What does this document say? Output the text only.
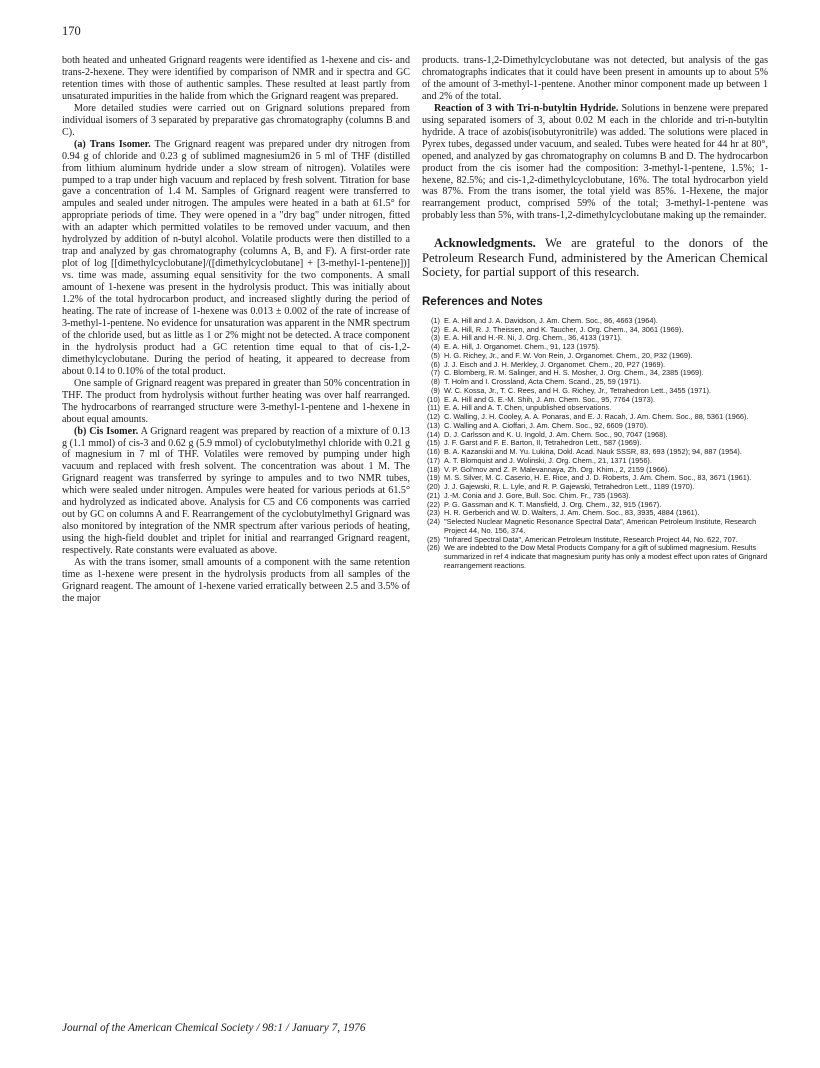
170

both heated and unheated Grignard reagents were identified as 1-hexene and cis- and trans-2-hexene. They were identified by comparison of NMR and ir spectra and GC retention times with those of authentic samples. These resulted at least partly from unsaturated impurities in the halide from which the Grignard reagent was prepared.

More detailed studies were carried out on Grignard solutions prepared from individual isomers of 3 separated by preparative gas chromatography (columns B and C).

(a) Trans Isomer. The Grignard reagent was prepared under dry nitrogen from 0.94 g of chloride and 0.23 g of sublimed magnesium26 in 5 ml of THF (distilled from lithium aluminum hydride under a slow stream of nitrogen). Volatiles were pumped to a trap under high vacuum and replaced by fresh solvent. Titration for base gave a concentration of 1.4 M. Samples of Grignard reagent were transferred to ampules and sealed under nitrogen. The ampules were heated in a bath at 61.5° for appropriate periods of time. They were opened in a "dry bag" under nitrogen, fitted with an adapter which permitted volatiles to be removed under vacuum, and then hydrolyzed by addition of n-butyl alcohol. Volatile products were then distilled to a trap and analyzed by gas chromatography (columns A, B, and F). A first-order rate plot of log [[dimethylcyclobutane]/([dimethylcyclobutane] + [3-methyl-1-pentene])] vs. time was made, assuming equal sensitivity for the two components. A small amount of 1-hexene was present in the hydrolysis product. This was initially about 1.2% of the total hydrocarbon product, and increased slightly during the period of heating. The rate of increase of 1-hexene was 0.013 ± 0.002 of the rate of increase of 3-methyl-1-pentene. No evidence for unsaturation was apparent in the NMR spectrum of the chloride used, but as little as 1 or 2% might not be detected. A trace component in the hydrolysis product had a GC retention time equal to that of cis-1,2-dimethylcyclobutane. During the period of heating, it appeared to decrease from about 0.14 to 0.10% of the total product.

One sample of Grignard reagent was prepared in greater than 50% concentration in THF. The product from hydrolysis without further heating was over half rearranged. The hydrocarbons of rearranged structure were 3-methyl-1-pentene and 1-hexene in about equal amounts.

(b) Cis Isomer. A Grignard reagent was prepared by reaction of a mixture of 0.13 g (1.1 mmol) of cis-3 and 0.62 g (5.9 mmol) of cyclobutylmethyl chloride with 0.21 g of magnesium in 7 ml of THF. Volatiles were removed by pumping under high vacuum and replaced with fresh solvent. The concentration was about 1 M. The Grignard reagent was transferred by syringe to ampules and to two NMR tubes, which were sealed under nitrogen. Ampules were heated for various periods at 61.5° and hydrolyzed as indicated above. Analysis for C5 and C6 components was carried out by GC on columns A and F. Rearrangement of the cyclobutylmethyl Grignard was also monitored by integration of the NMR spectrum after various periods of heating, using the high-field doublet and triplet for initial and rearranged Grignard reagent, respectively. Rate constants were evaluated as above.

As with the trans isomer, small amounts of a component with the same retention time as 1-hexene were present in the hydrolysis products from all samples of the Grignard reagent. The amount of 1-hexene varied erratically between 2.5 and 3.5% of the major

products. trans-1,2-Dimethylcyclobutane was not detected, but analysis of the gas chromatographs indicates that it could have been present in amounts up to about 5% of the amount of 3-methyl-1-pentene. Another minor component made up between 1 and 2% of the total.

Reaction of 3 with Tri-n-butyltin Hydride. Solutions in benzene were prepared using separated isomers of 3, about 0.02 M each in the chloride and tri-n-butyltin hydride. A trace of azobis(isobutyronitrile) was added. The solutions were placed in Pyrex tubes, degassed under vacuum, and sealed. Tubes were heated for 44 hr at 80°, opened, and analyzed by gas chromatography on columns B and D. The hydrocarbon product from the cis isomer had the composition: 3-methyl-1-pentene, 1.5%; 1-hexene, 82.5%; and cis-1,2-dimethylcyclobutane, 16%. The total hydrocarbon yield was 87%. From the trans isomer, the total yield was 85%. 1-Hexene, the major rearrangement product, comprised 59% of the total; 3-methyl-1-pentene was probably less than 5%, with trans-1,2-dimethylcyclobutane making up the remainder.

Acknowledgments. We are grateful to the donors of the Petroleum Research Fund, administered by the American Chemical Society, for partial support of this research.

References and Notes
(1) E. A. Hill and J. A. Davidson, J. Am. Chem. Soc., 86, 4663 (1964).
(2) E. A. Hill, R. J. Theissen, and K. Taucher, J. Org. Chem., 34, 3061 (1969).
(3) E. A. Hill and H.-R. Ni, J. Org. Chem., 36, 4133 (1971).
(4) E. A. Hill, J. Organomet. Chem., 91, 123 (1975).
(5) H. G. Richey, Jr., and F. W. Von Rein, J. Organomet. Chem., 20, P32 (1969).
(6) J. J. Eisch and J. H. Merkley, J. Organomet. Chem., 20, P27 (1969).
(7) C. Blomberg, R. M. Salinger, and H. S. Mosher, J. Org. Chem., 34, 2385 (1969).
(8) T. Holm and I. Crossland, Acta Chem. Scand., 25, 59 (1971).
(9) W. C. Kossa, Jr., T. C. Rees, and H. G. Richey, Jr., Tetrahedron Lett., 3455 (1971).
(10) E. A. Hill and G. E.-M. Shih, J. Am. Chem. Soc., 95, 7764 (1973).
(11) E. A. Hill and A. T. Chen, unpublished observations.
(12) C. Walling, J. H. Cooley, A. A. Ponaras, and E. J. Racah, J. Am. Chem. Soc., 88, 5361 (1966).
(13) C. Walling and A. Cioffari, J. Am. Chem. Soc., 92, 6609 (1970).
(14) D. J. Carlsson and K. U. Ingold, J. Am. Chem. Soc., 90, 7047 (1968).
(15) J. F. Garst and F. E. Barton, II, Tetrahedron Lett., 587 (1969).
(16) B. A. Kazanskii and M. Yu. Lukina, Dokl. Acad. Nauk SSSR, 83, 693 (1952); 94, 887 (1954).
(17) A. T. Blomquist and J. Wolinski, J. Org. Chem., 21, 1371 (1956).
(18) V. P. Gol'mov and Z. P. Malevannaya, Zh. Org. Khim., 2, 2159 (1966).
(19) M. S. Silver, M. C. Caserio, H. E. Rice, and J. D. Roberts, J. Am. Chem. Soc., 83, 3671 (1961).
(20) J. J. Gajewski, R. L. Lyle, and R. P. Gajewski, Tetrahedron Lett., 1189 (1970).
(21) J.-M. Conia and J. Gore, Bull. Soc. Chim. Fr., 735 (1963).
(22) P. G. Gassman and K. T. Mansfield, J. Org. Chem., 32, 915 (1967).
(23) H. R. Gerberich and W. D. Walters, J. Am. Chem. Soc., 83, 3935, 4884 (1961).
(24) "Selected Nuclear Magnetic Resonance Spectral Data", American Petroleum Institute, Research Project 44, No. 156, 374.
(25) "Infrared Spectral Data", American Petroleum Institute, Research Project 44, No. 622, 707.
(26) We are indebted to the Dow Metal Products Company for a gift of sublimed magnesium. Results summarized in ref 4 indicate that magnesium purity has only a modest effect upon rates of Grignard rearrangement reactions.
Journal of the American Chemical Society / 98:1 / January 7, 1976
